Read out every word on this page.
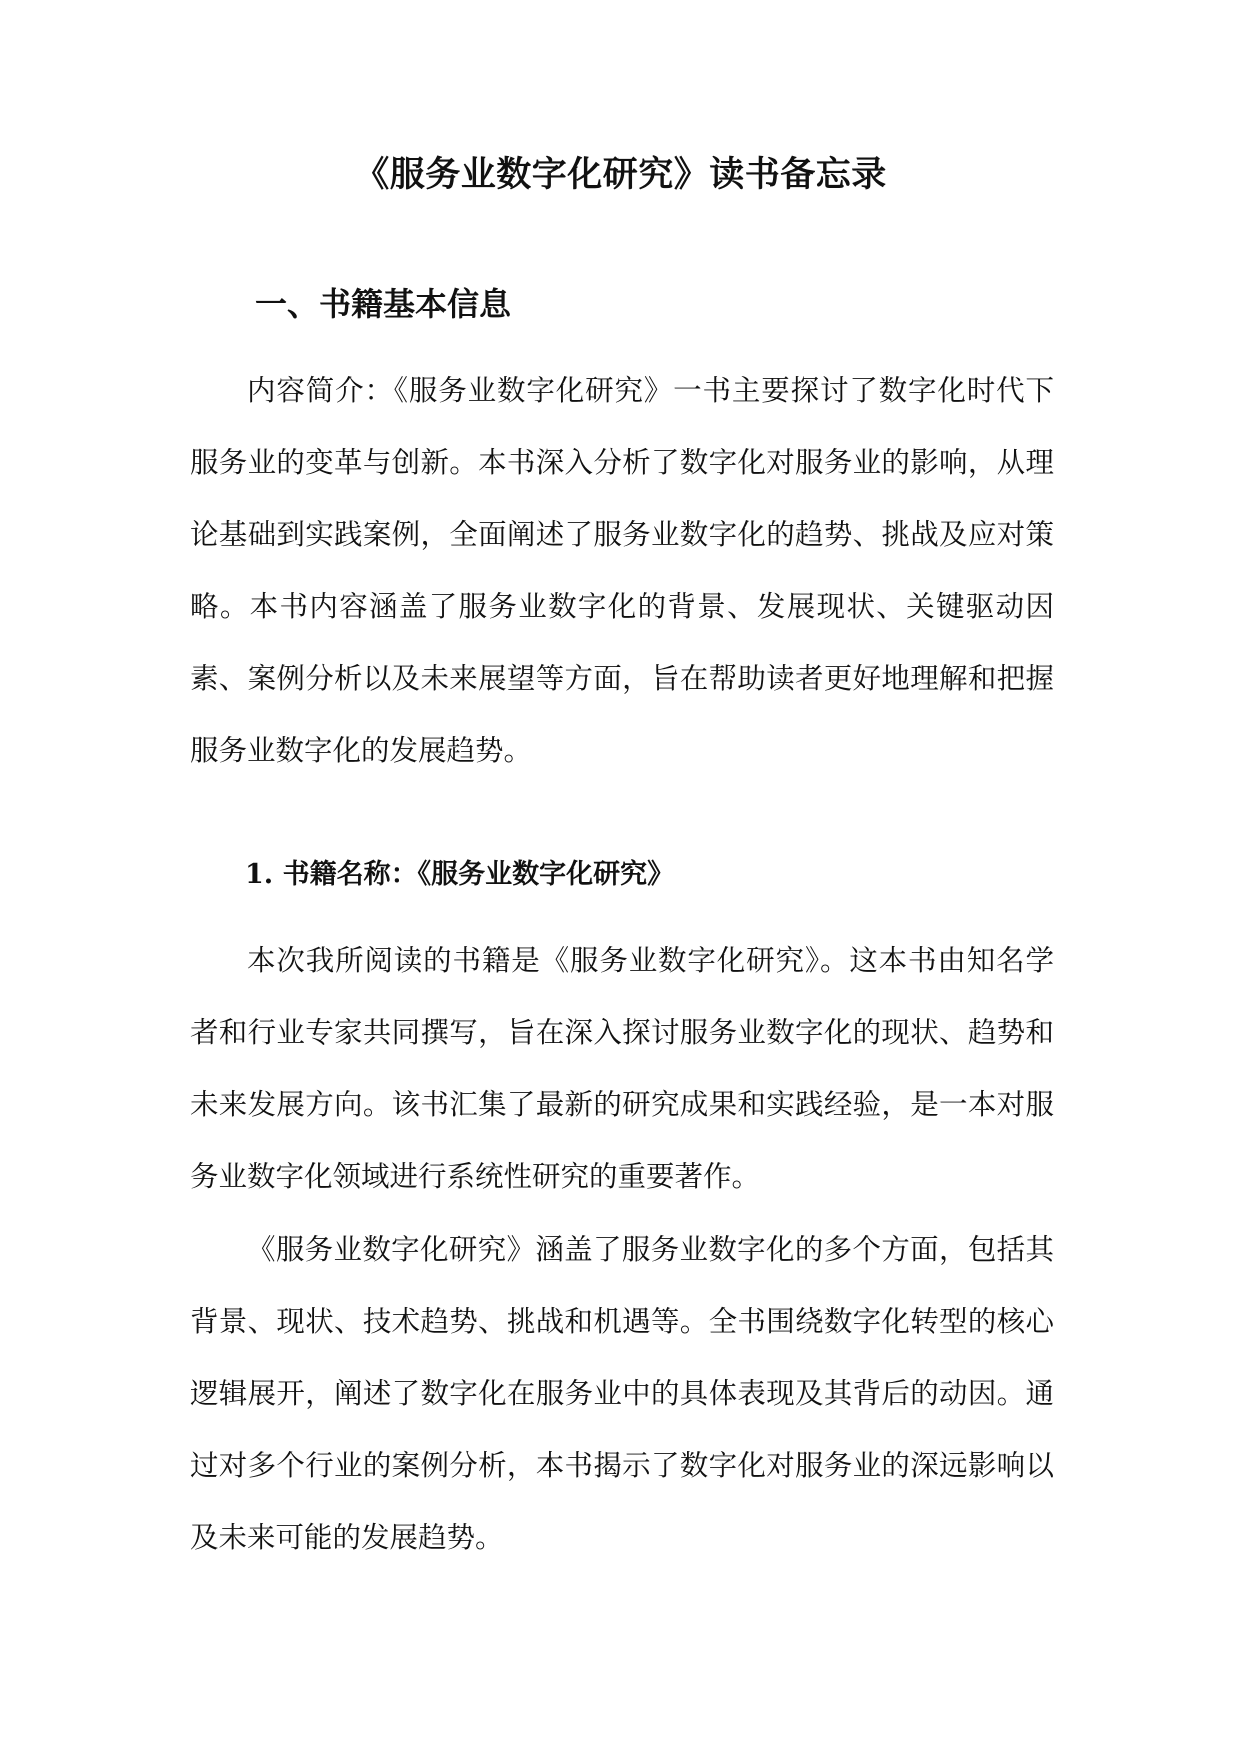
《服务业数字化研究》读书备忘录
一、书籍基本信息

内容简介：《服务业数字化研究》一书主要探讨了数字化时代下服务业的变革与创新。本书深入分析了数字化对服务业的影响，从理论基础到实践案例，全面阐述了服务业数字化的趋势、挑战及应对策略。本书内容涵盖了服务业数字化的背景、发展现状、关键驱动因素、案例分析以及未来展望等方面，旨在帮助读者更好地理解和把握服务业数字化的发展趋势。

1. 书籍名称：《服务业数字化研究》

本次我所阅读的书籍是《服务业数字化研究》。这本书由知名学者和行业专家共同撰写，旨在深入探讨服务业数字化的现状、趋势和未来发展方向。该书汇集了最新的研究成果和实践经验，是一本对服务业数字化领域进行系统性研究的重要著作。

《服务业数字化研究》涵盖了服务业数字化的多个方面，包括其背景、现状、技术趋势、挑战和机遇等。全书围绕数字化转型的核心逻辑展开，阐述了数字化在服务业中的具体表现及其背后的动因。通过对多个行业的案例分析，本书揭示了数字化对服务业的深远影响以及未来可能的发展趋势。
